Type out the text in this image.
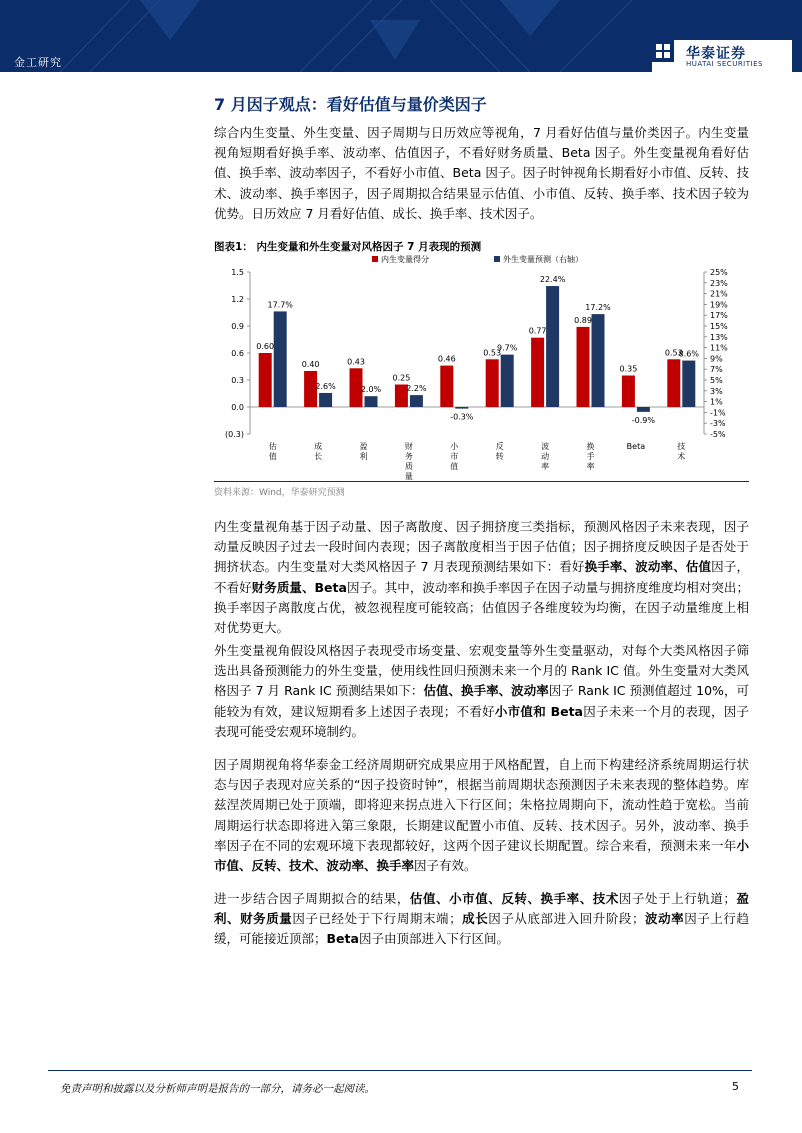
金工研究
华泰证券
HUATAI SECURITIES
7 月因子观点：看好估值与量价类因子
综合内生变量、外生变量、因子周期与日历效应等视角，7 月看好估值与量价类因子。内生变量视角短期看好换手率、波动率、估值因子，不看好财务质量、Beta 因子。外生变量视角看好估值、换手率、波动率因子，不看好小市值、Beta 因子。因子时钟视角长期看好小市值、反转、技术、波动率、换手率因子，因子周期拟合结果显示估值、小市值、反转、换手率、技术因子较为优势。日历效应 7 月看好估值、成长、换手率、技术因子。
图表1： 内生变量和外生变量对风格因子 7 月表现的预测
内生变量得分	外生变量预测（右轴）
1.5
1.2
0.9
0.6
0.3
0.0
(0.3)
25%
23%
21%
19%
17%
15%
13%
11%
9%
7%
5%
3%
1%
-1%
-3%
-5%
0.60
17.7%
估
值
0.40
2.6%
成
长
0.43
2.0%
盈
利
0.25
2.2%
财
务
质
量
0.46
-0.3%
小
市
值
0.53
9.7%
反
转
0.77
22.4%
波
动
率
0.89
17.2%
换
手
率
0.35
-0.9%
Beta
0.53
8.6%
技
术
资料来源：Wind，华泰研究预测
内生变量视角基于因子动量、因子离散度、因子拥挤度三类指标，预测风格因子未来表现，因子动量反映因子过去一段时间内表现；因子离散度相当于因子估值；因子拥挤度反映因子是否处于拥挤状态。内生变量对大类风格因子 7 月表现预测结果如下：看好换手率、波动率、估值因子，不看好财务质量、Beta因子。其中，波动率和换手率因子在因子动量与拥挤度维度均相对突出；换手率因子离散度占优，被忽视程度可能较高；估值因子各维度较为均衡，在因子动量维度上相对优势更大。
外生变量视角假设风格因子表现受市场变量、宏观变量等外生变量驱动，对每个大类风格因子筛选出具备预测能力的外生变量，使用线性回归预测未来一个月的 Rank IC 值。外生变量对大类风格因子 7 月 Rank IC 预测结果如下：估值、换手率、波动率因子 Rank IC 预测值超过 10%，可能较为有效，建议短期看多上述因子表现；不看好小市值和 Beta因子未来一个月的表现，因子表现可能受宏观环境制约。
因子周期视角将华泰金工经济周期研究成果应用于风格配置，自上而下构建经济系统周期运行状态与因子表现对应关系的“因子投资时钟”，根据当前周期状态预测因子未来表现的整体趋势。库兹涅茨周期已处于顶端，即将迎来拐点进入下行区间；朱格拉周期向下，流动性趋于宽松。当前周期运行状态即将进入第三象限，长期建议配置小市值、反转、技术因子。另外，波动率、换手率因子在不同的宏观环境下表现都较好，这两个因子建议长期配置。综合来看，预测未来一年小市值、反转、技术、波动率、换手率因子有效。
进一步结合因子周期拟合的结果，估值、小市值、反转、换手率、技术因子处于上行轨道；盈利、财务质量因子已经处于下行周期末端；成长因子从底部进入回升阶段；波动率因子上行趋缓，可能接近顶部；Beta因子由顶部进入下行区间。
免责声明和披露以及分析师声明是报告的一部分，请务必一起阅读。	5
